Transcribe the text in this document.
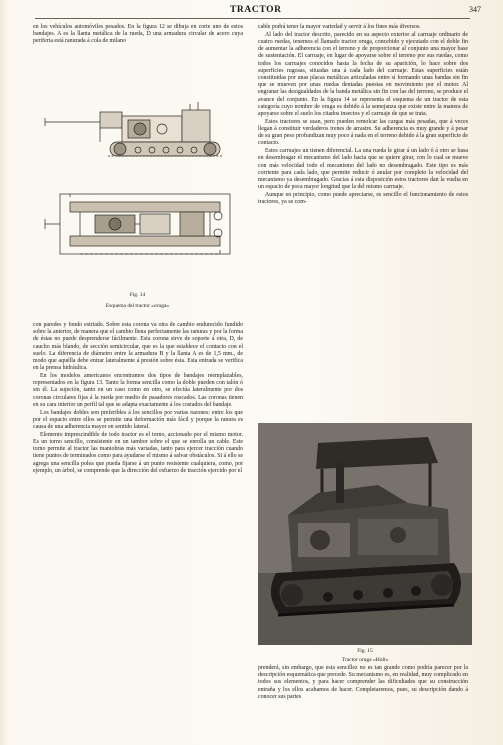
TRACTOR	347

en los vehículos automóviles pesados. En la figura 12 se dibuja en corte uno de estos bandajes. A es la llanta metálica de la rueda, D una armadura circular de acero cuya periferia está ranurada á cola de milano

Fig. 14
Esquema del tractor «oruga»

con paredes y fondo estriado. Sobre esta corona va otra de cambio endurecido fundido sobre la anterior, de manera que el cambio llena perfectamente las ranuras y por la forma de éstas no puede desprenderse fácilmente. Esta corona sirve de soporte á otra, D, de caucho más blando, de sección semicircular, que es la que establece el contacto con el suelo. La diferencia de diámetro entre la armadura B y la llanta A es de 1,5 mm., de modo que aquélla debe entrar lateralmente á presión sobre ésta. Esta entrada se verifica en la prensa hidráulica.

En los modelos americanos encontramos dos tipos de bandajes reemplazables, representados en la figura 13. Tanto la forma sencilla como la doble pueden con talón ó sin él. La sujeción, tanto en un caso como en otro, se efectúa lateralmente por dos coronas circulares fijas á la rueda por medio de pasadores roscados. Las coronas tienen en su cara interior un perfil tal que se adapta exactamente á los costados del bandaje.

Los bandajes dobles son preferibles á los sencillos por varias razones: entre los que por el espacio entre ellos se permite una deformación más fácil y porque la ranura es causa de una adherencia mayor en sentido lateral.

Elemento imprescindible de todo tractor es el torno, accionado por el mismo motor. Es un torno sencillo, consistente en un tambor sobre el que se enrolla un cable. Este torno permite al tractor las maniobras más variadas, tanto para ejercer tracción cuando tiene puntos de terminados como para ayudarse el mismo á salvar obstáculos. Si á ello se agrega una sencilla polea que pueda fijarse á un punto resistente cualquiera, como, por ejemplo, un árbol, se comprende que la dirección del esfuerzo de tracción ejercido por el

cable podrá tener la mayor variedad y servir á los fines más diversos.

Al lado del tractor descrito, parecido en su aspecto exterior al carruaje ordinario de cuatro ruedas, tenemos el llamado tractor oruga, concebido y ejecutado con el doble fin de aumentar la adherencia con el terreno y de proporcionar al conjunto una mayor base de sustentación. El carruaje, en lugar de apoyarse sobre el terreno por sus ruedas, como todos los carruajes conocidos hasta la fecha de su aparición, lo hace sobre dos superficies rugosas, situadas una á cada lado del carruaje. Estas superficies están constituidas por unas placas metálicas articuladas entre sí formando unas bandas sin fin que se mueven por unas ruedas dentadas puestas en movimiento por el motor. Al engranar las desigualdades de la banda metálica sin fin con las del terreno, se produce el avance del conjunto. En la figura 14 se representa el esquema de un tractor de esta categoría cuyo nombre de oruga es debido á la semejanza que existe entre la manera de apoyarse sobre el suelo los citados insectos y el carruaje de que se trata.

Estos tractores se usan, pero pueden remolcar las cargas más pesadas, que á veces llegan á constituir verdaderos trenes de arrastre. Su adherencia es muy grande y á pesar de su gran peso profundizan muy poco á nada en el terreno debido á la gran superficie de contacto.

Estos carruajes un tienen diferencial. La una rueda le girar á un lado ó á otro se basa en desembragar el mecanismo del lado hacia que se quiere girar, con lo cual se mueve con más velocidad todo el mecanismo del lado no desembragado. Este tipo es más corriente para cada lado, que permite reducir ó anular por completo la velocidad del mecanismo ya desembragado. Gracias á esta disposición estos tractores dan la vuelta en un espacio de poca mayor longitud que la del mismo carruaje.

Aunque en principio, como puede apreciarse, es sencillo el funcionamiento de estos tractores, ya se com-

Fig. 15
Tractor oruga «Holt»

prenderá, sin embargo, que esta sencillez no es tan grande como podría parecer por la descripción esquemática que precede. Su mecanismo es, en realidad, muy complicado en todos sus elementos, y para hacer comprender las dificultades que su construcción entraña y los ellos acabamos de hacer. Completaremos, pues, su descripción dando á conocer sus partes
